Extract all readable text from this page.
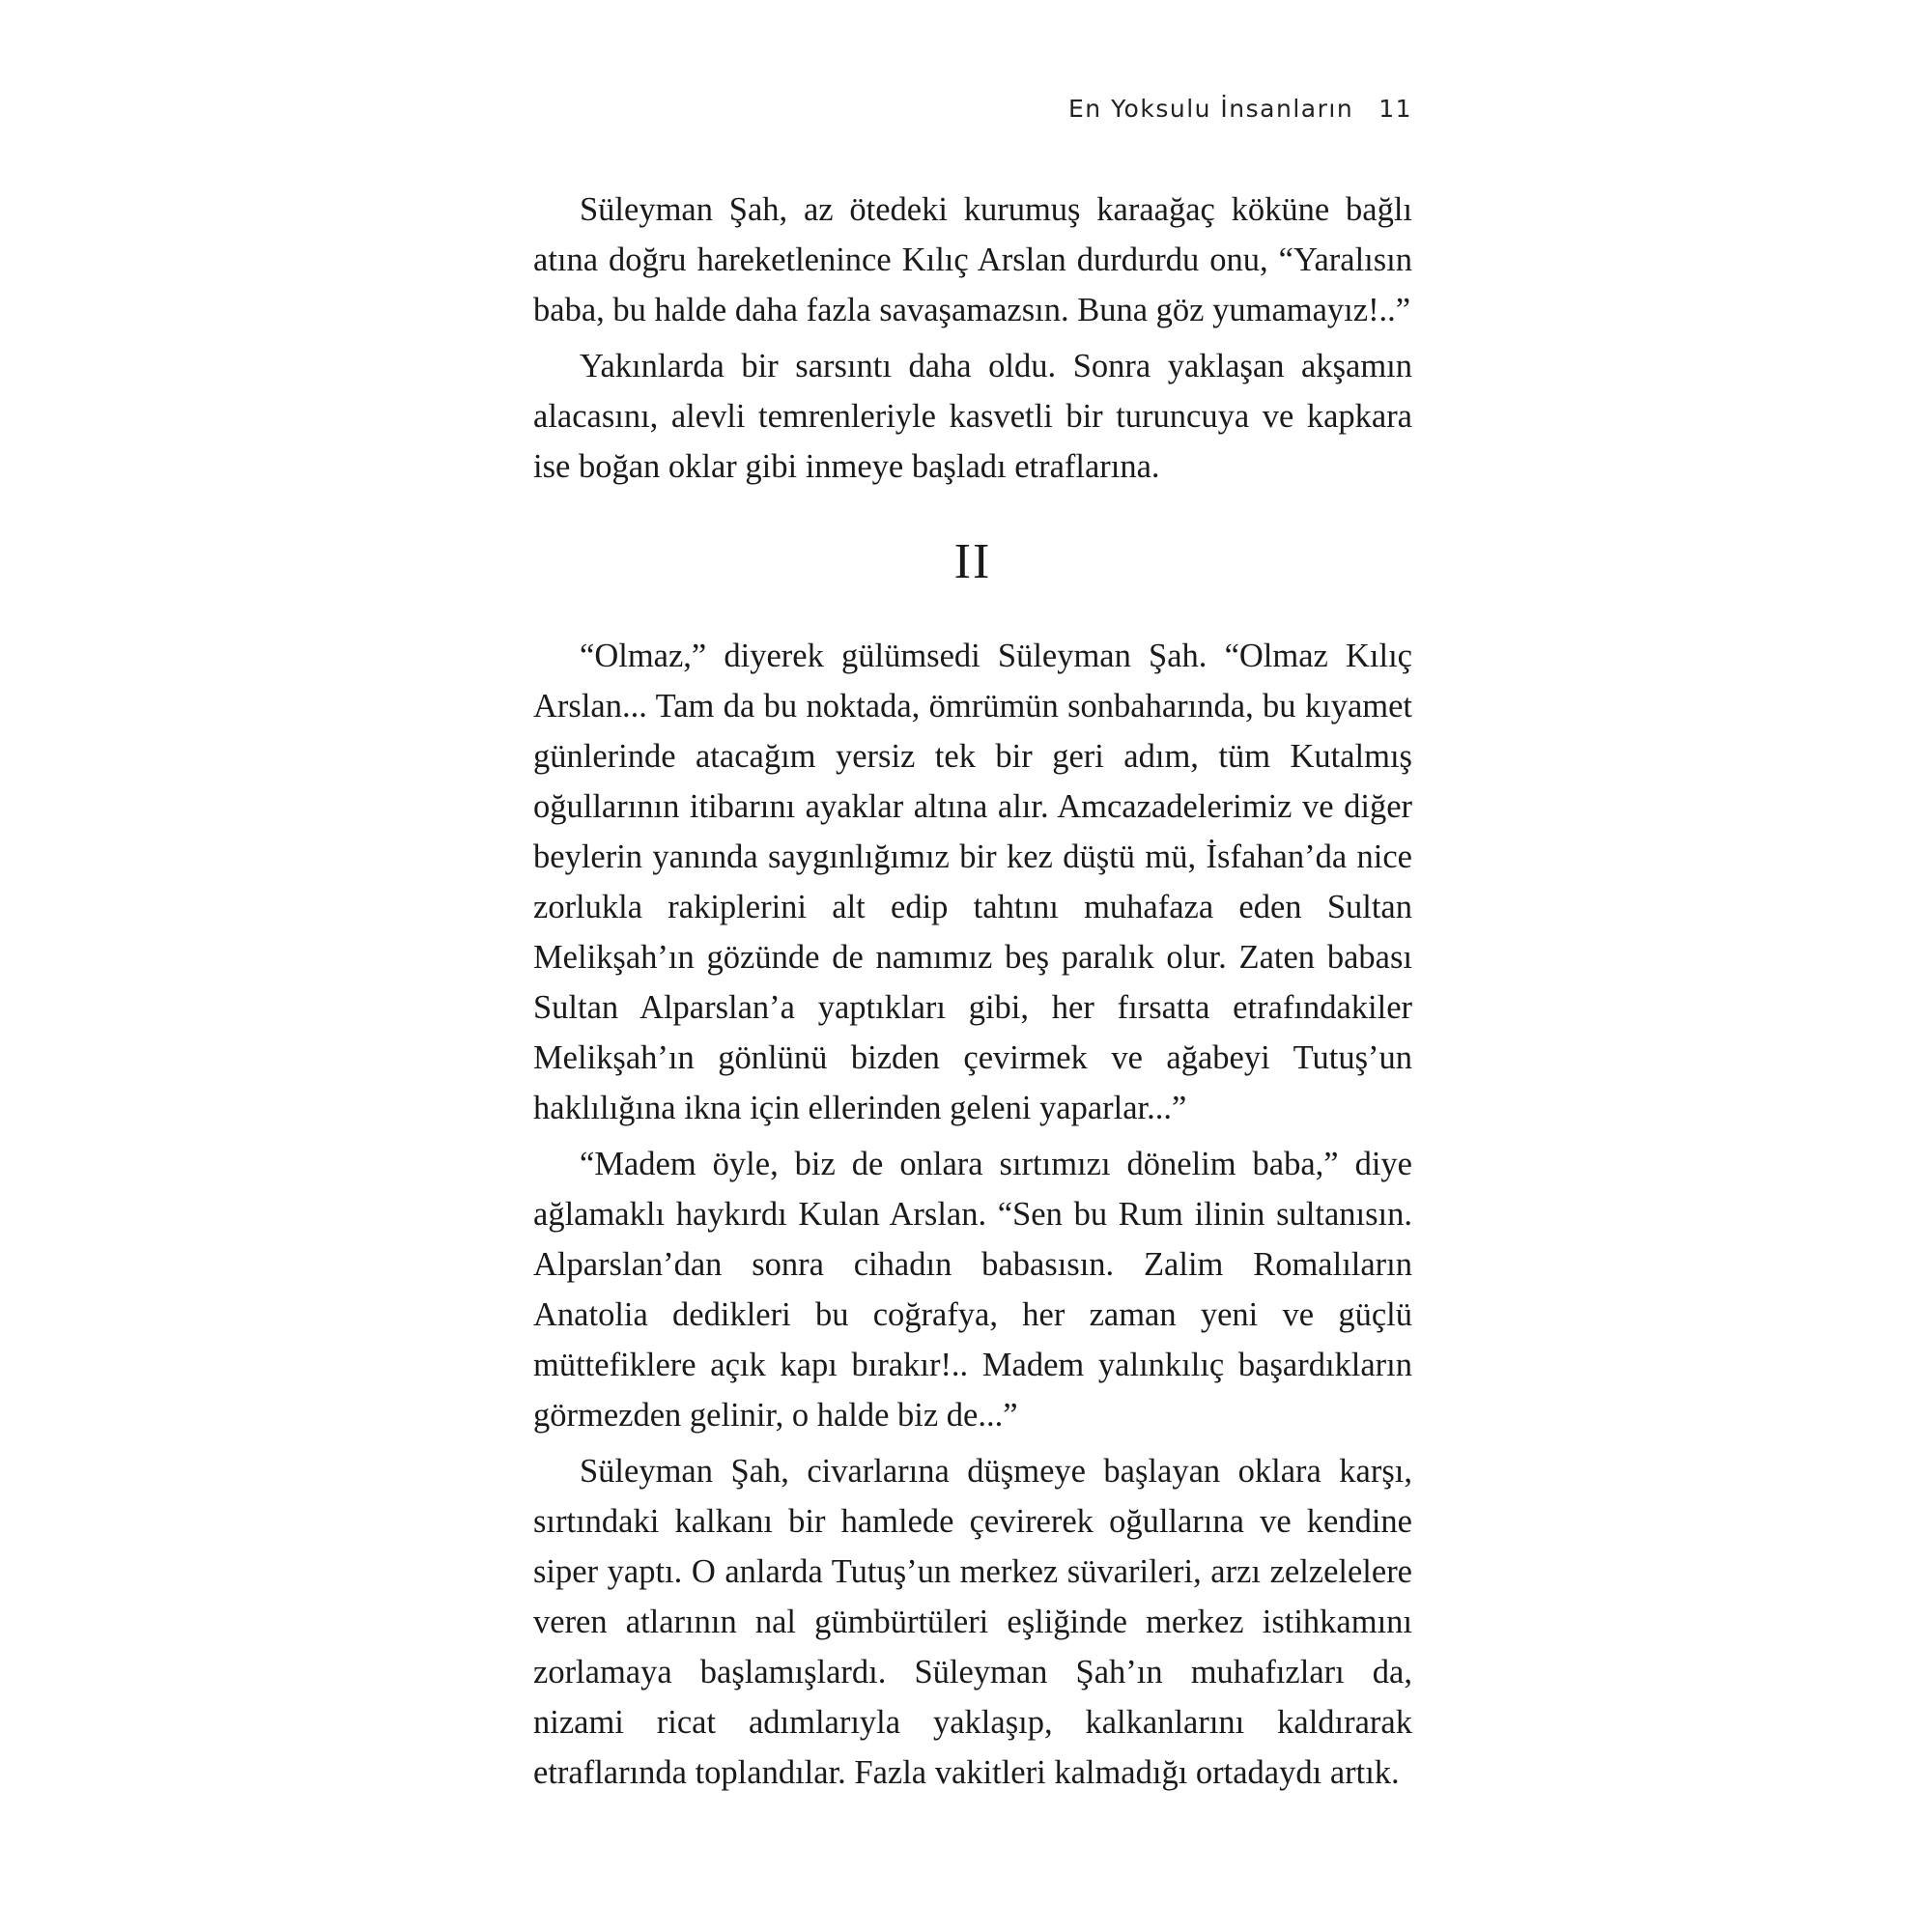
En Yoksulu İnsanların 11

Süleyman Şah, az ötedeki kurumuş karaağaç köküne bağlı atına doğru hareketlenince Kılıç Arslan durdurdu onu, “Yaralısın baba, bu halde daha fazla savaşamazsın. Buna göz yumamayız!..”

Yakınlarda bir sarsıntı daha oldu. Sonra yaklaşan akşamın alacasını, alevli temrenleriyle kasvetli bir turuncuya ve kapkara ise boğan oklar gibi inmeye başladı etraflarına.

II

“Olmaz,” diyerek gülümsedi Süleyman Şah. “Olmaz Kılıç Arslan... Tam da bu noktada, ömrümün sonbaharında, bu kıyamet günlerinde atacağım yersiz tek bir geri adım, tüm Kutalmış oğullarının itibarını ayaklar altına alır. Amcazadelerimiz ve diğer beylerin yanında saygınlığımız bir kez düştü mü, İsfahan’da nice zorlukla rakiplerini alt edip tahtını muhafaza eden Sultan Melikşah’ın gözünde de namımız beş paralık olur. Zaten babası Sultan Alparslan’a yaptıkları gibi, her fırsatta etrafındakiler Melikşah’ın gönlünü bizden çevirmek ve ağabeyi Tutuş’un haklılığına ikna için ellerinden geleni yaparlar...”

“Madem öyle, biz de onlara sırtımızı dönelim baba,” diye ağlamaklı haykırdı Kulan Arslan. “Sen bu Rum ilinin sultanısın. Alparslan’dan sonra cihadın babasısın. Zalim Romalıların Anatolia dedikleri bu coğrafya, her zaman yeni ve güçlü müttefiklere açık kapı bırakır!.. Madem yalınkılıç başardıkların görmezden gelinir, o halde biz de...”

Süleyman Şah, civarlarına düşmeye başlayan oklara karşı, sırtındaki kalkanı bir hamlede çevirerek oğullarına ve kendine siper yaptı. O anlarda Tutuş’un merkez süvarileri, arzı zelzelelere veren atlarının nal gümbürtüleri eşliğinde merkez istihkamını zorlamaya başlamışlardı. Süleyman Şah’ın muhafızları da, nizami ricat adımlarıyla yaklaşıp, kalkanlarını kaldırarak etraflarında toplandılar. Fazla vakitleri kalmadığı ortadaydı artık.
